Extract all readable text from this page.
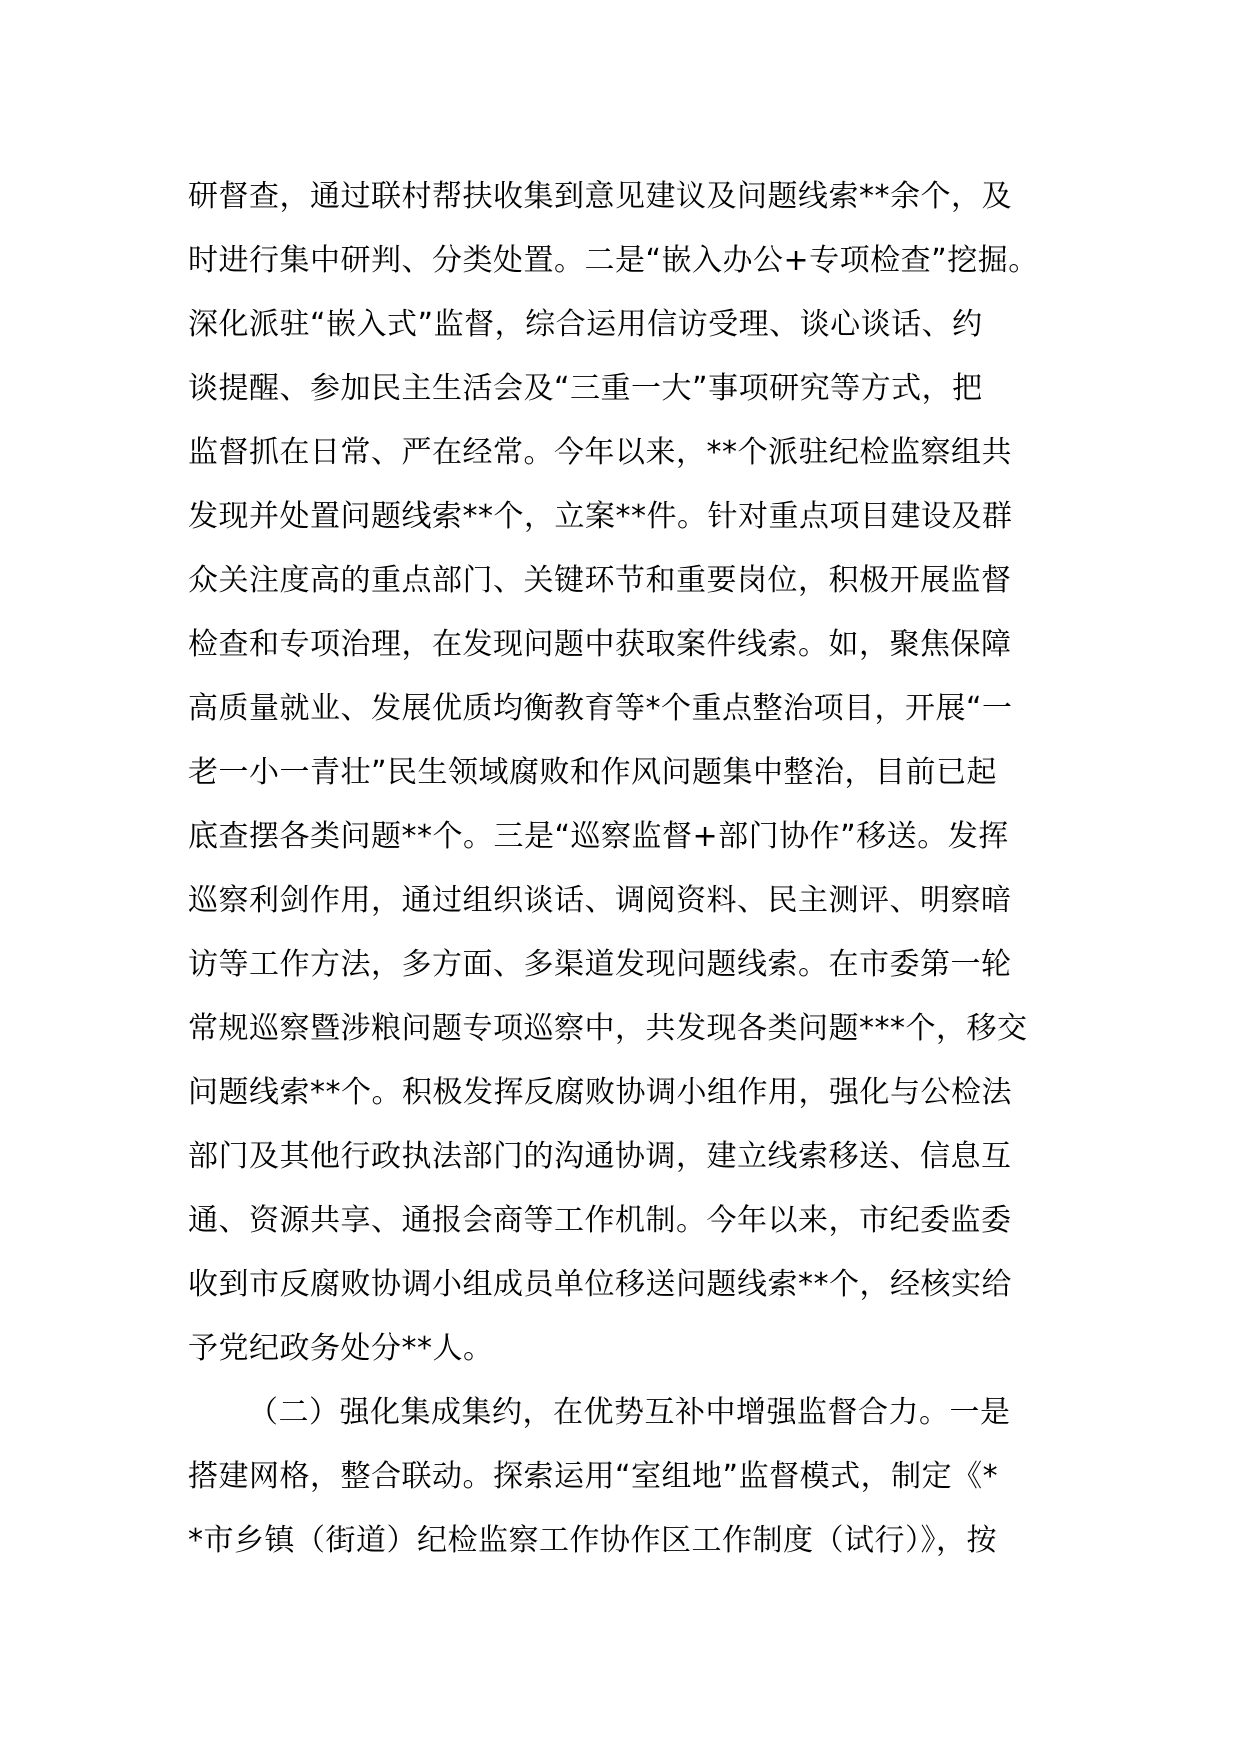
研督查，通过联村帮扶收集到意见建议及问题线索**余个，及
时进行集中研判、分类处置。二是“嵌入办公+专项检查”挖掘。
深化派驻“嵌入式”监督，综合运用信访受理、谈心谈话、约
谈提醒、参加民主生活会及“三重一大”事项研究等方式，把
监督抓在日常、严在经常。今年以来，**个派驻纪检监察组共
发现并处置问题线索**个，立案**件。针对重点项目建设及群
众关注度高的重点部门、关键环节和重要岗位，积极开展监督
检查和专项治理，在发现问题中获取案件线索。如，聚焦保障
高质量就业、发展优质均衡教育等*个重点整治项目，开展“一
老一小一青壮”民生领域腐败和作风问题集中整治，目前已起
底查摆各类问题**个。三是“巡察监督+部门协作”移送。发挥
巡察利剑作用，通过组织谈话、调阅资料、民主测评、明察暗
访等工作方法，多方面、多渠道发现问题线索。在市委第一轮
常规巡察暨涉粮问题专项巡察中，共发现各类问题***个，移交
问题线索**个。积极发挥反腐败协调小组作用，强化与公检法
部门及其他行政执法部门的沟通协调，建立线索移送、信息互
通、资源共享、通报会商等工作机制。今年以来，市纪委监委
收到市反腐败协调小组成员单位移送问题线索**个，经核实给
予党纪政务处分**人。
（二）强化集成集约，在优势互补中增强监督合力。一是
搭建网格，整合联动。探索运用“室组地”监督模式，制定《*
*市乡镇（街道）纪检监察工作协作区工作制度（试行）》，按
